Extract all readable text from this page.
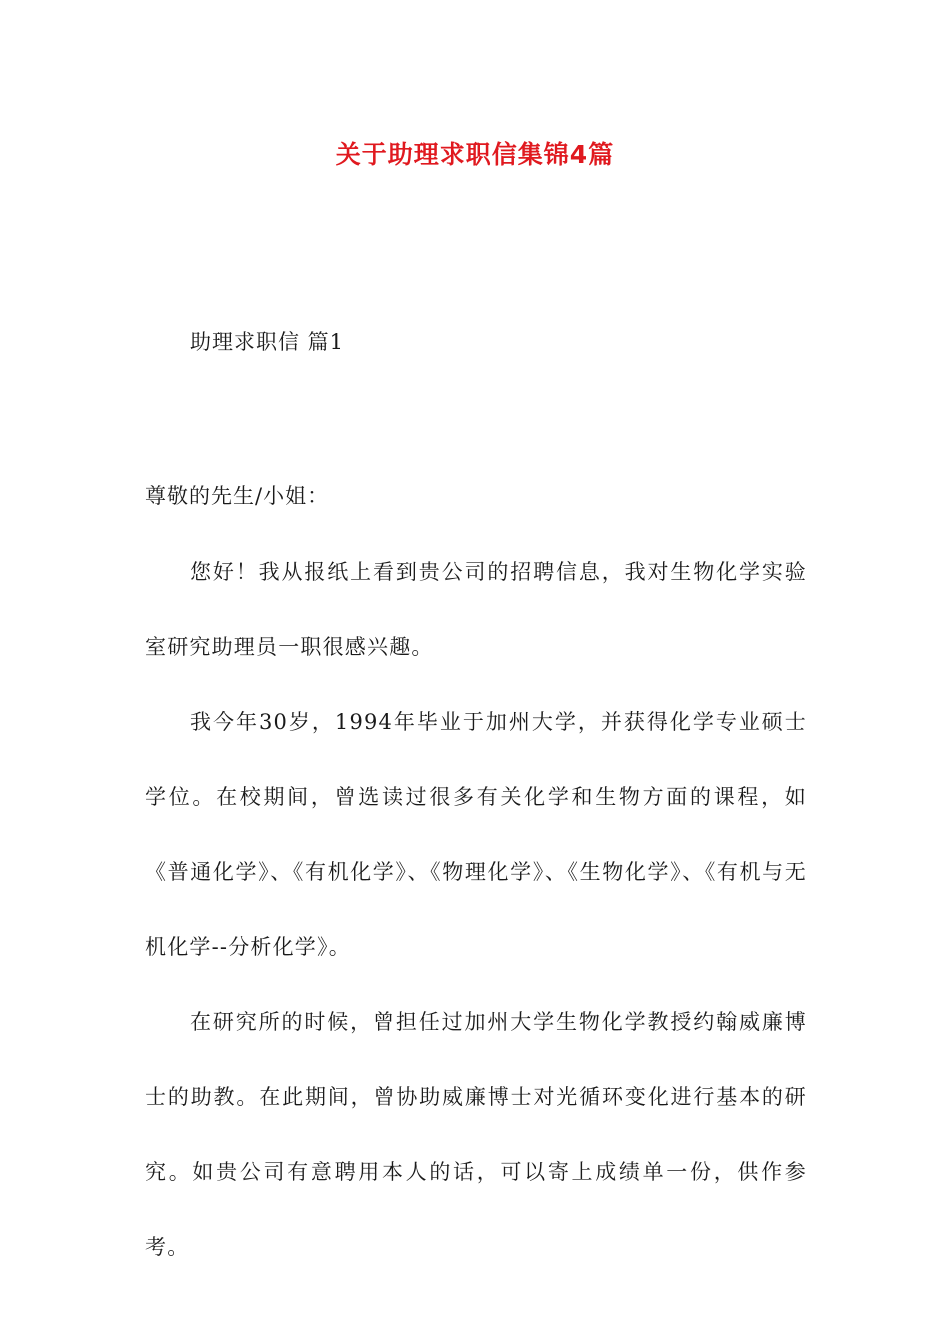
关于助理求职信集锦4篇
助理求职信 篇1
尊敬的先生/小姐：

您好！我从报纸上看到贵公司的招聘信息，我对生物化学实验室研究助理员一职很感兴趣。

我今年30岁，1994年毕业于加州大学，并获得化学专业硕士学位。在校期间，曾选读过很多有关化学和生物方面的课程，如《普通化学》、《有机化学》、《物理化学》、《生物化学》、《有机与无机化学--分析化学》。

在研究所的时候，曾担任过加州大学生物化学教授约翰威廉博士的助教。在此期间，曾协助威廉博士对光循环变化进行基本的研究。如贵公司有意聘用本人的话，可以寄上成绩单一份，供作参考。
